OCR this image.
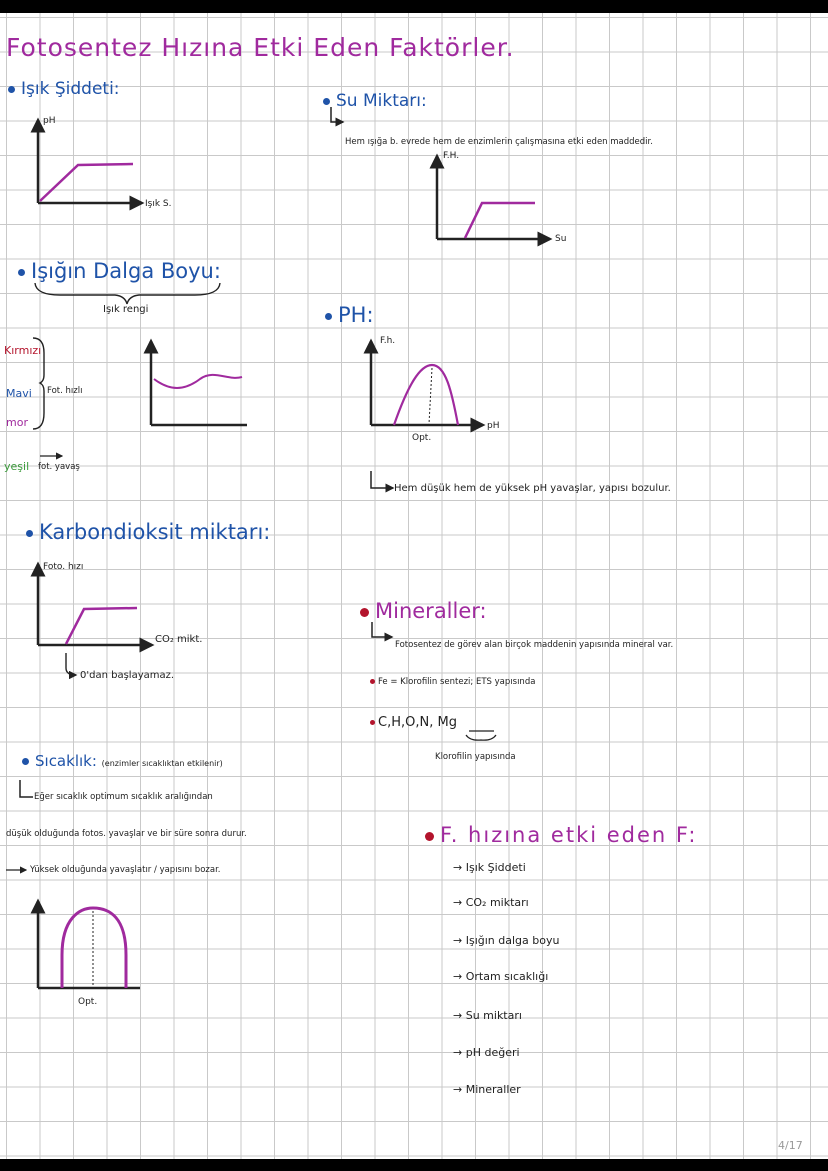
Fotosentez Hızına Etki Eden Faktörler.
Işık Şiddeti:
pH
Işık S.
Su Miktarı:
Hem ışığa b. evrede hem de enzimlerin çalışmasına etki eden maddedir.
F.H.
Su
Işığın Dalga Boyu:
Işık rengi
Kırmızı
Mavi
mor
Fot. hızlı
yeşil fot. yavaş
PH:
F.h.
pH
Opt.
Hem düşük hem de yüksek pH yavaşlar, yapısı bozulur.
Karbondioksit miktarı:
Foto. hızı
CO₂ mikt.
0'dan başlayamaz.
Mineraller:
Fotosentez de görev alan birçok maddenin yapısında mineral var.
Fe = Klorofilin sentezi; ETS yapısında
C,H,O,N, Mg
Klorofilin yapısında
Sıcaklık: (enzimler sıcaklıktan etkilenir)
Eğer sıcaklık optimum sıcaklık aralığından
düşük olduğunda fotos. yavaşlar ve bir süre sonra durur.
Yüksek olduğunda yavaşlatır / yapısını bozar.
Opt.
F. hızına etki eden F:
→ Işık Şiddeti
→ CO₂ miktarı
→ Işığın dalga boyu
→ Ortam sıcaklığı
→ Su miktarı
→ pH değeri
→ Mineraller
4/17
